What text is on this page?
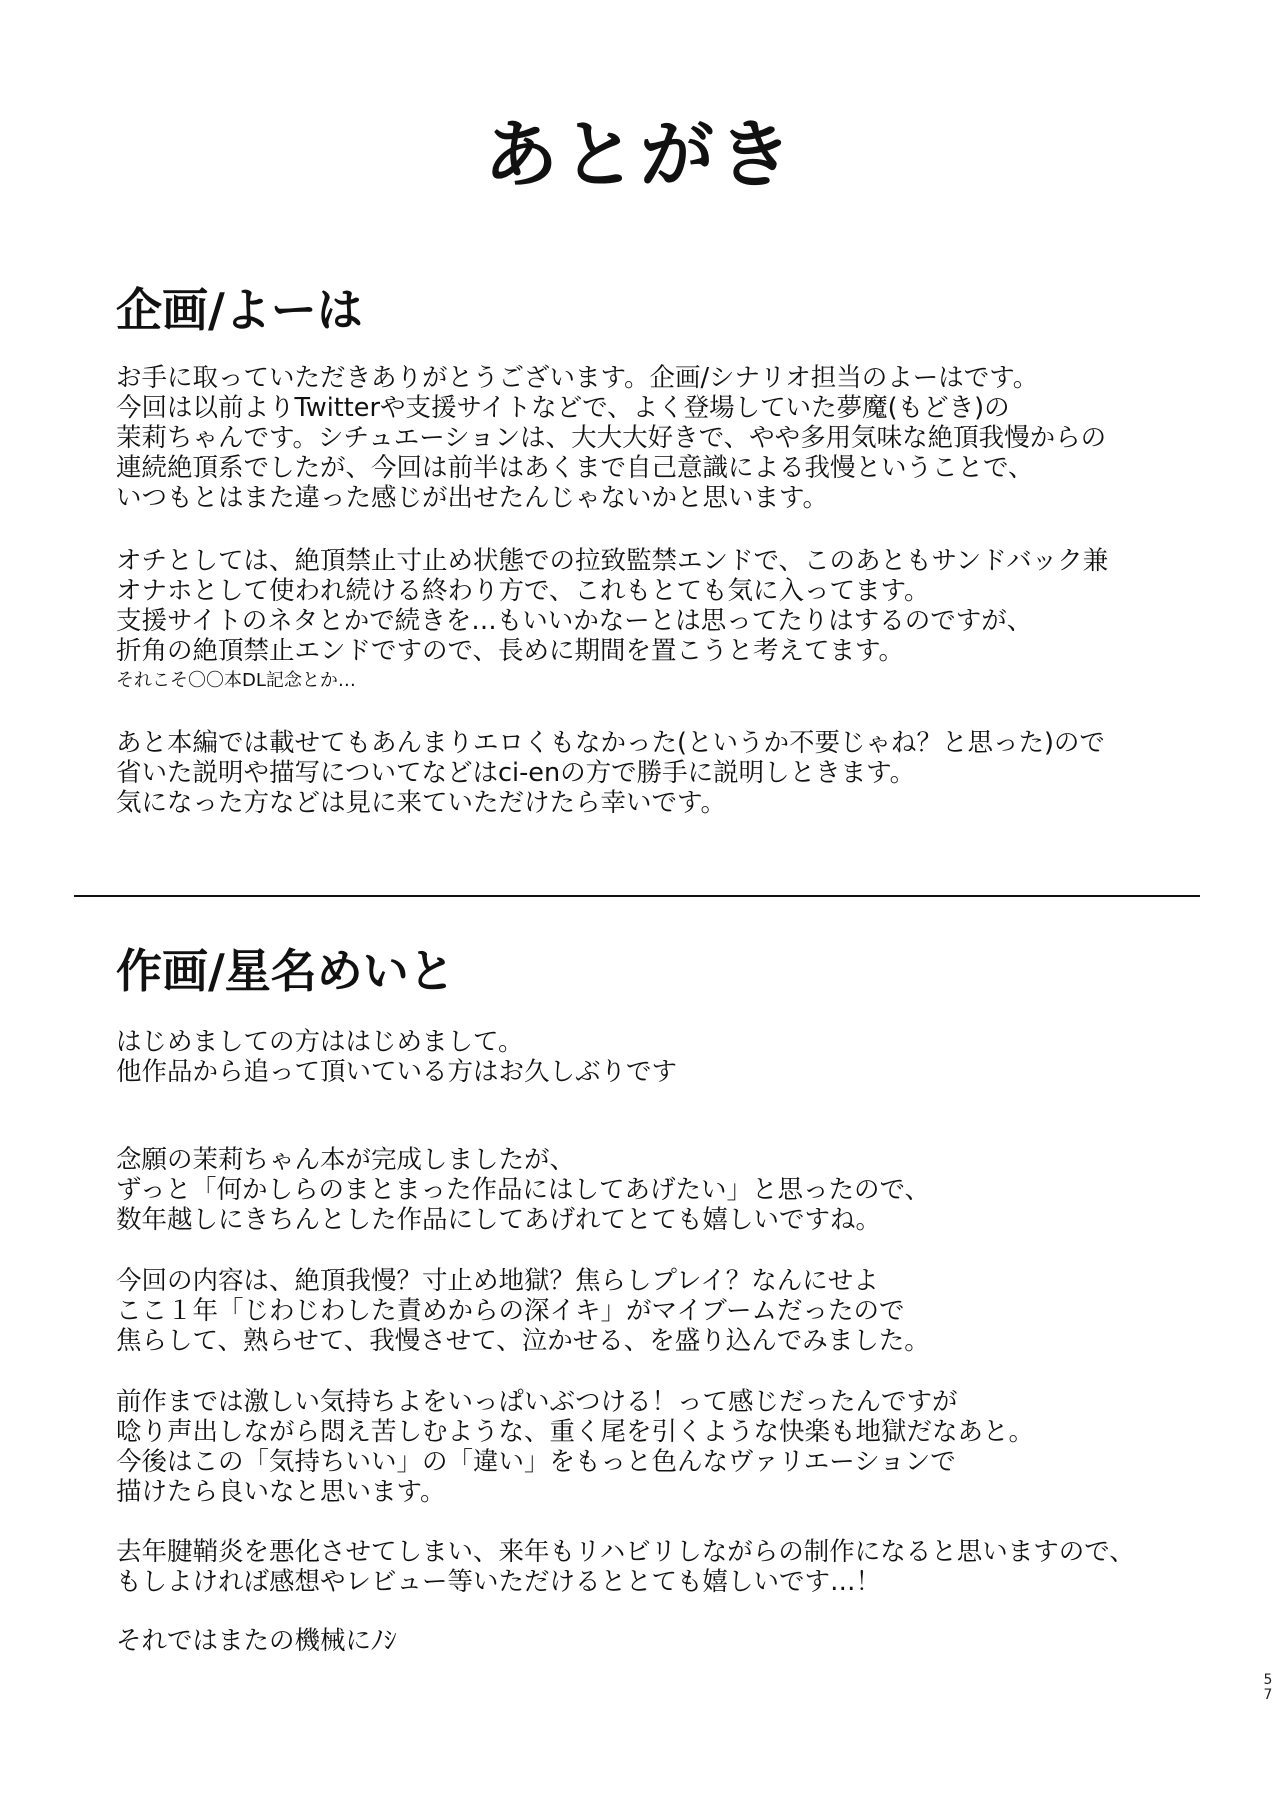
あとがき
企画/よーは
お手に取っていただきありがとうございます。企画/シナリオ担当のよーはです。
今回は以前よりTwitterや支援サイトなどで、よく登場していた夢魔(もどき)の
茉莉ちゃんです。シチュエーションは、大大大好きで、やや多用気味な絶頂我慢からの
連続絶頂系でしたが、今回は前半はあくまで自己意識による我慢ということで、
いつもとはまた違った感じが出せたんじゃないかと思います。
オチとしては、絶頂禁止寸止め状態での拉致監禁エンドで、このあともサンドバック兼
オナホとして使われ続ける終わり方で、これもとても気に入ってます。
支援サイトのネタとかで続きを…もいいかなーとは思ってたりはするのですが、
折角の絶頂禁止エンドですので、長めに期間を置こうと考えてます。
それこそ〇〇本DL記念とか…
あと本編では載せてもあんまりエロくもなかった(というか不要じゃね？と思った)ので
省いた説明や描写についてなどはci-enの方で勝手に説明しときます。
気になった方などは見に来ていただけたら幸いです。
作画/星名めいと
はじめましての方ははじめまして。
他作品から追って頂いている方はお久しぶりです
念願の茉莉ちゃん本が完成しましたが、
ずっと「何かしらのまとまった作品にはしてあげたい」と思ったので、
数年越しにきちんとした作品にしてあげれてとても嬉しいですね。
今回の内容は、絶頂我慢？寸止め地獄？焦らしプレイ？なんにせよ
ここ１年「じわじわした責めからの深イキ」がマイブームだったので
焦らして、熟らせて、我慢させて、泣かせる、を盛り込んでみました。
前作までは激しい気持ちよをいっぱいぶつける！って感じだったんですが
唸り声出しながら悶え苦しむような、重く尾を引くような快楽も地獄だなあと。
今後はこの「気持ちいい」の「違い」をもっと色んなヴァリエーションで
描けたら良いなと思います。
去年腱鞘炎を悪化させてしまい、来年もリハビリしながらの制作になると思いますので、
もしよければ感想やレビュー等いただけるととても嬉しいです…！
それではまたの機械にﾉｼ
5
7
